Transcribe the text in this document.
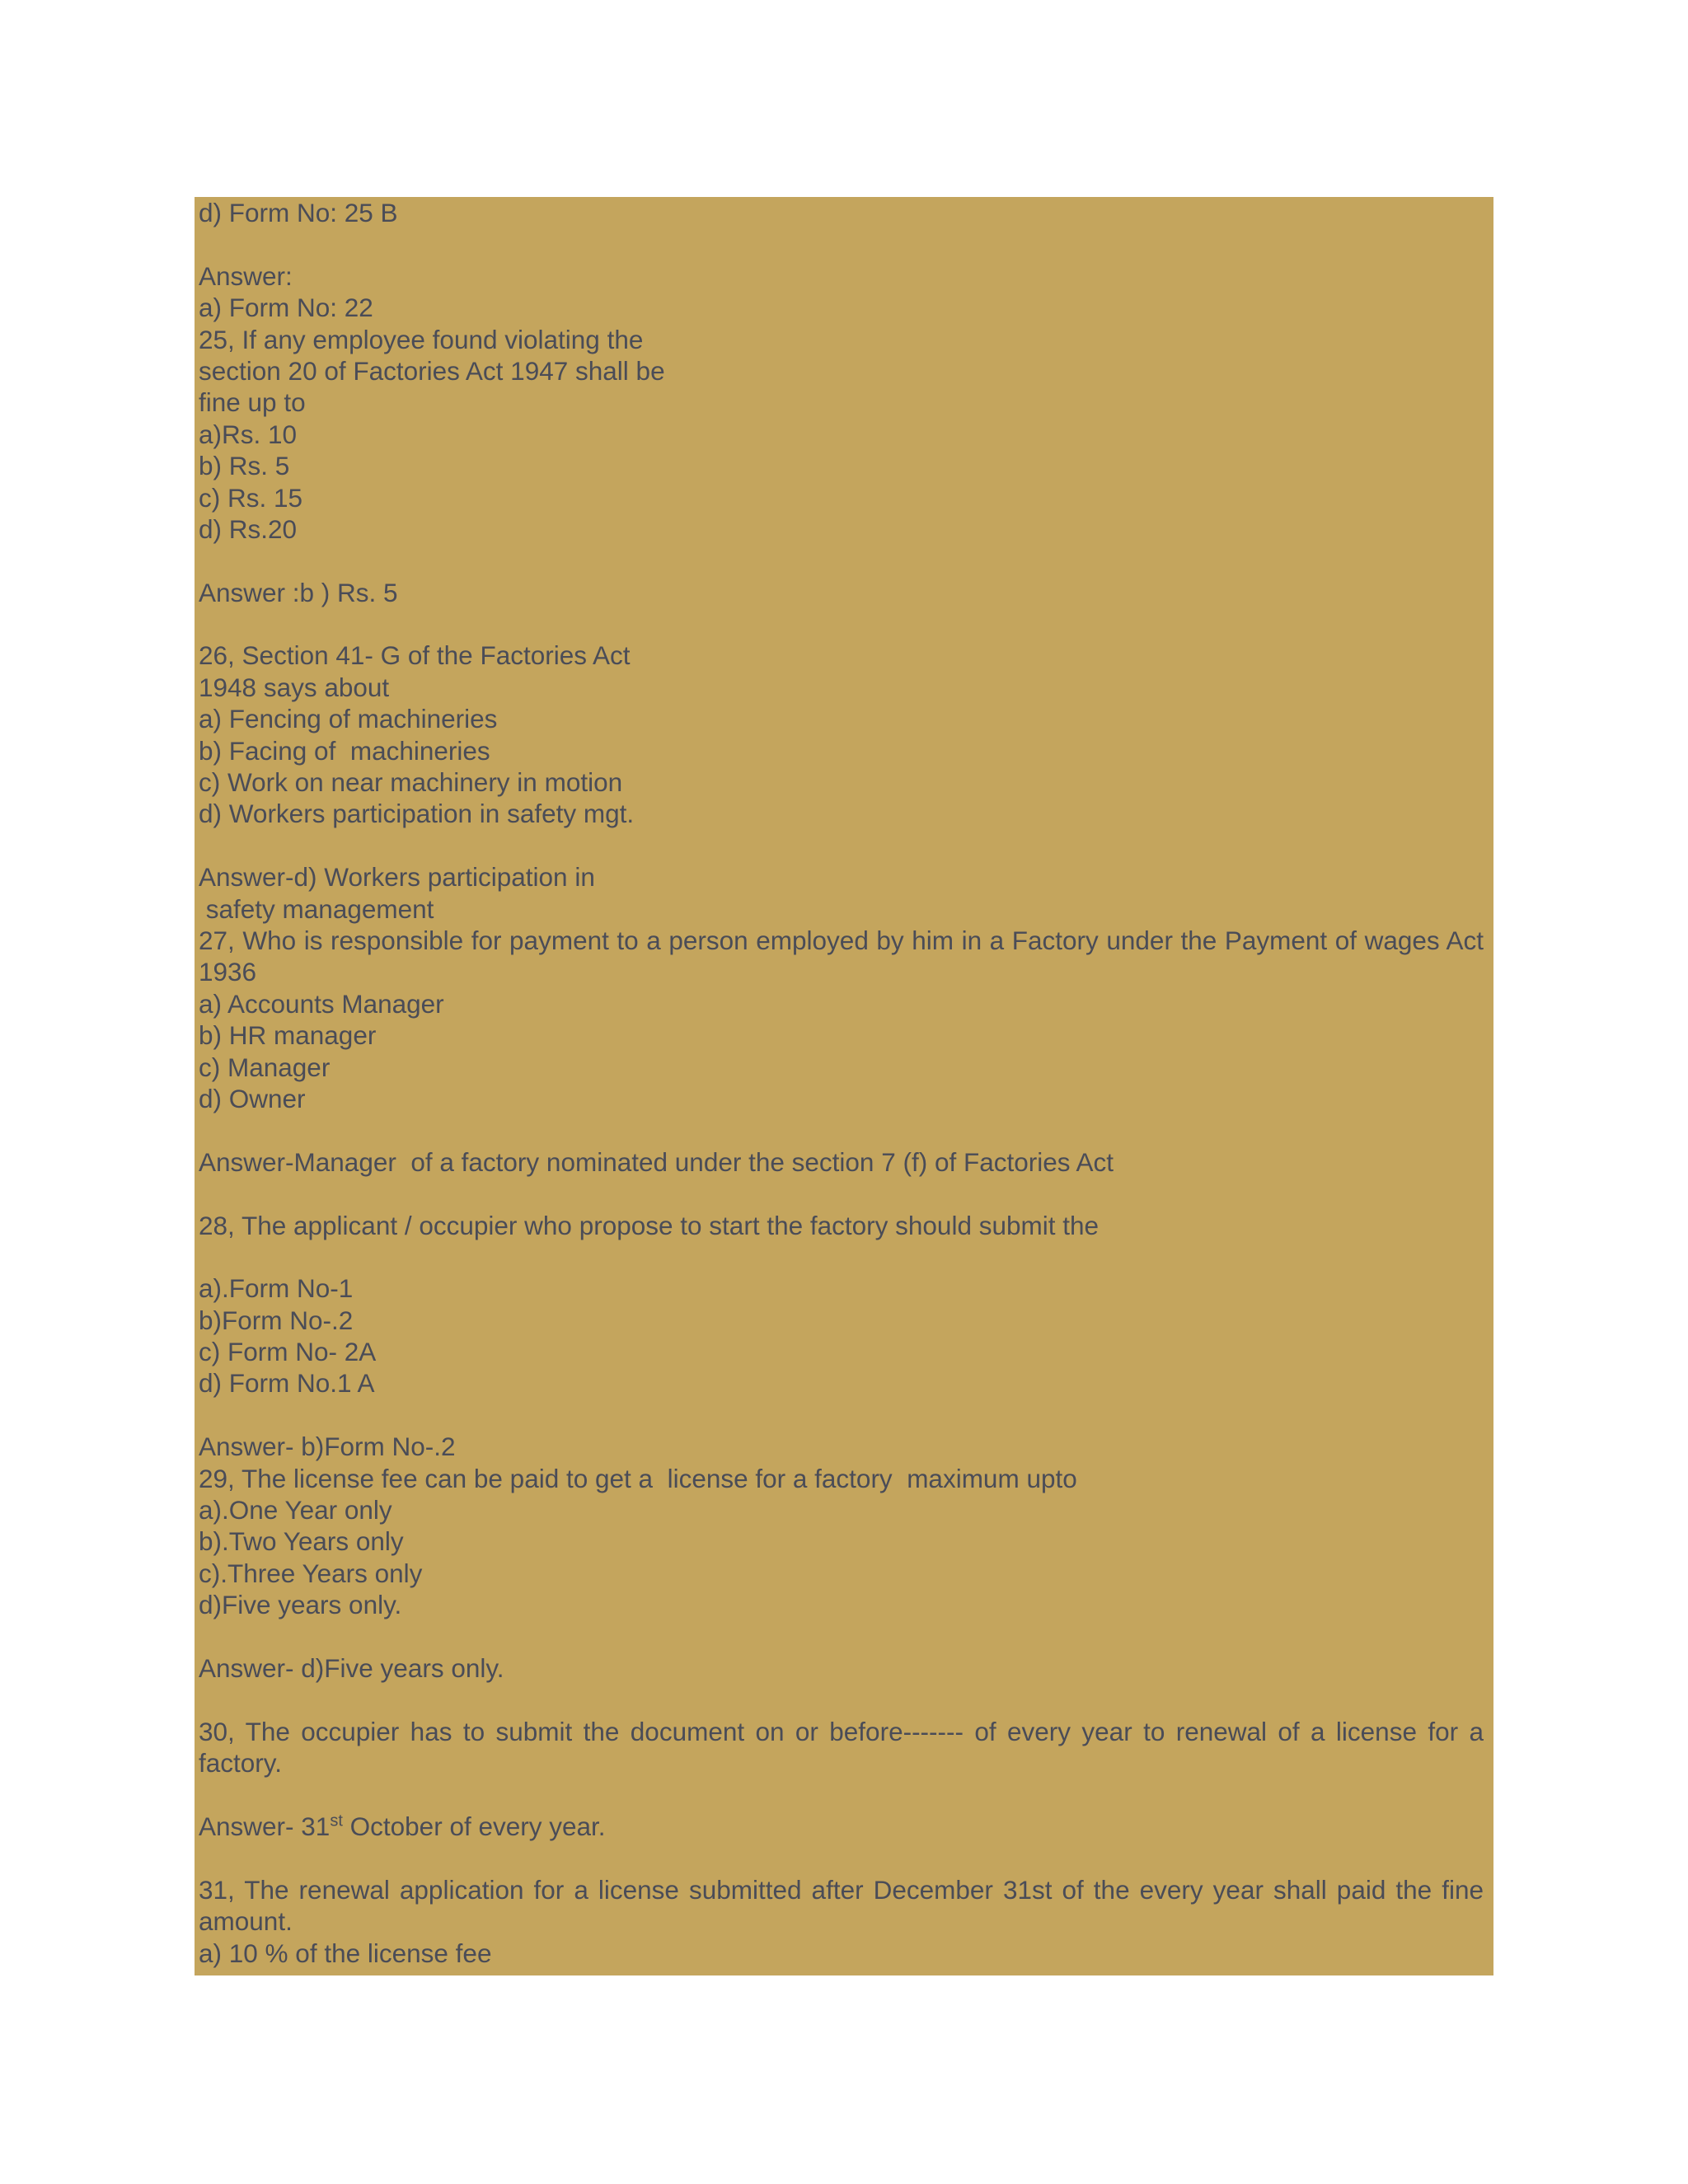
d) Form No: 25 B
Answer:
a) Form No: 22
25, If any employee found violating the
section 20 of Factories Act 1947 shall be
fine up to
a)Rs. 10
b) Rs. 5
c) Rs. 15
d) Rs.20
Answer :b ) Rs. 5
26, Section 41- G of the Factories Act
1948 says about
a) Fencing of machineries
b) Facing of  machineries
c) Work on near machinery in motion
d) Workers participation in safety mgt.
Answer-d) Workers participation in
safety management
27, Who is responsible for payment to a person employed by him in a Factory under the Payment of wages Act 1936
a) Accounts Manager
b) HR manager
c) Manager
d) Owner
Answer-Manager  of a factory nominated under the section 7 (f) of Factories Act
28, The applicant / occupier who propose to start the factory should submit the
a).Form No-1
b)Form No-.2
c) Form No- 2A
d) Form No.1 A
Answer- b)Form No-.2
29, The license fee can be paid to get a  license for a factory  maximum upto
a).One Year only
b).Two Years only
c).Three Years only
d)Five years only.
Answer- d)Five years only.
30, The occupier has to submit the document on or before------- of every year to renewal of a license for a factory.
Answer- 31st October of every year.
31, The renewal application for a license submitted after December 31st of the every year shall paid the fine amount.
a) 10 % of the license fee
